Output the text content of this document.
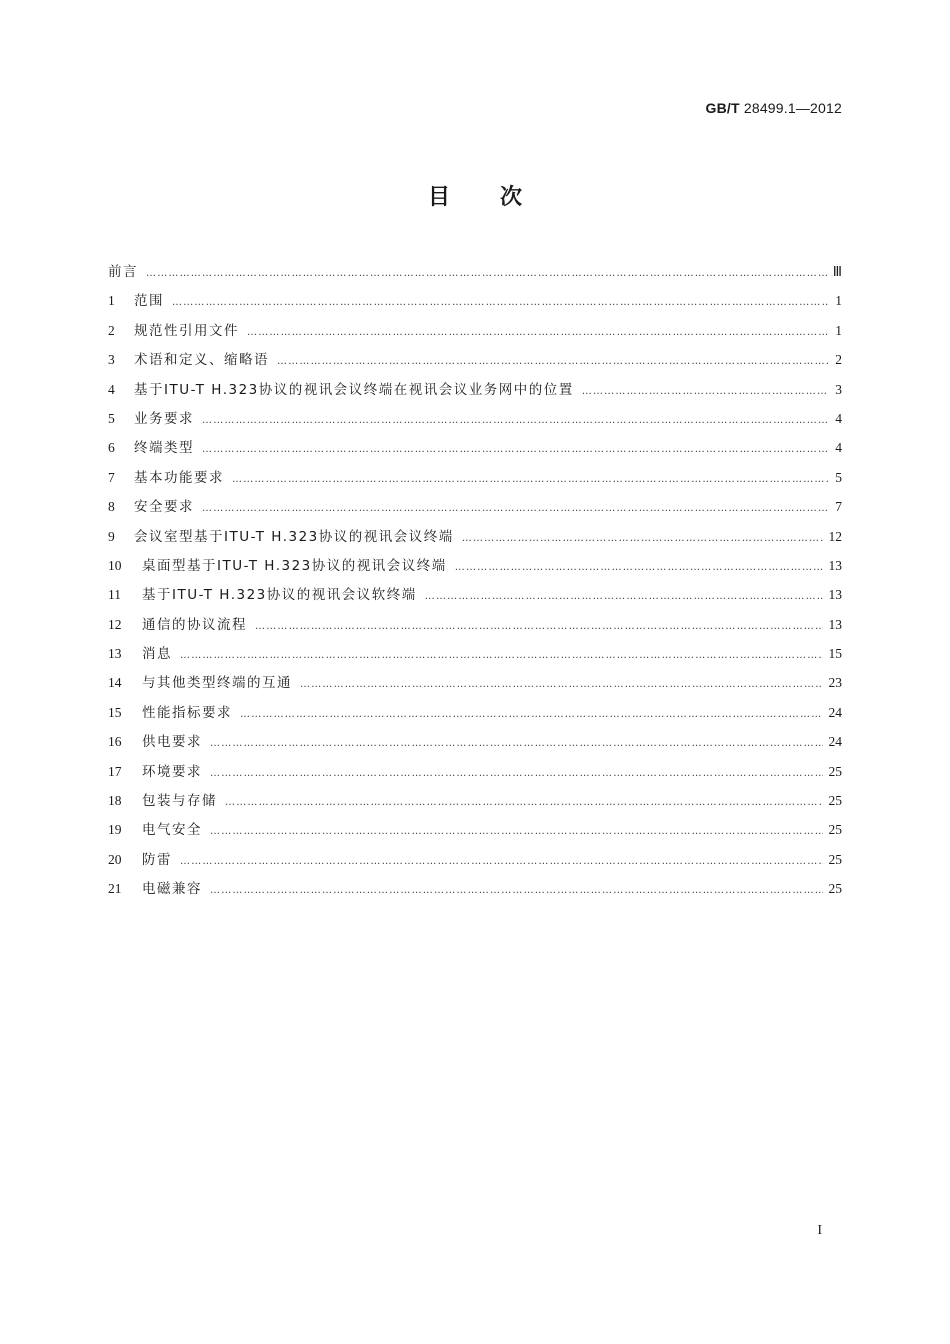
GB/T 28499.1—2012
目次
前言 ……………………………………………………………………………………………………………………………………………………………………………………………………	Ⅲ
1	范围 ……………………………………………………………………………………………………………………………………………………………………………………………………	1
2	规范性引用文件 ……………………………………………………………………………………………………………………………………………………………………………………………………	1
3	术语和定义、缩略语 ……………………………………………………………………………………………………………………………………………………………………………………………………	2
4	基于ITU-T H.323协议的视讯会议终端在视讯会议业务网中的位置 ……………………………………………………………………………………………………………………………………………………………………………………………………	3
5	业务要求 ……………………………………………………………………………………………………………………………………………………………………………………………………	4
6	终端类型 ……………………………………………………………………………………………………………………………………………………………………………………………………	4
7	基本功能要求 ……………………………………………………………………………………………………………………………………………………………………………………………………	5
8	安全要求 ……………………………………………………………………………………………………………………………………………………………………………………………………	7
9	会议室型基于ITU-T H.323协议的视讯会议终端 ……………………………………………………………………………………………………………………………………………………………………………………………………	12
10	桌面型基于ITU-T H.323协议的视讯会议终端 ……………………………………………………………………………………………………………………………………………………………………………………………………	13
11	基于ITU-T H.323协议的视讯会议软终端 ……………………………………………………………………………………………………………………………………………………………………………………………………	13
12	通信的协议流程 ……………………………………………………………………………………………………………………………………………………………………………………………………	13
13	消息 ……………………………………………………………………………………………………………………………………………………………………………………………………	15
14	与其他类型终端的互通 ……………………………………………………………………………………………………………………………………………………………………………………………………	23
15	性能指标要求 ……………………………………………………………………………………………………………………………………………………………………………………………………	24
16	供电要求 ……………………………………………………………………………………………………………………………………………………………………………………………………	24
17	环境要求 ……………………………………………………………………………………………………………………………………………………………………………………………………	25
18	包装与存储 ……………………………………………………………………………………………………………………………………………………………………………………………………	25
19	电气安全 ……………………………………………………………………………………………………………………………………………………………………………………………………	25
20	防雷 ……………………………………………………………………………………………………………………………………………………………………………………………………	25
21	电磁兼容 ……………………………………………………………………………………………………………………………………………………………………………………………………	25
I
